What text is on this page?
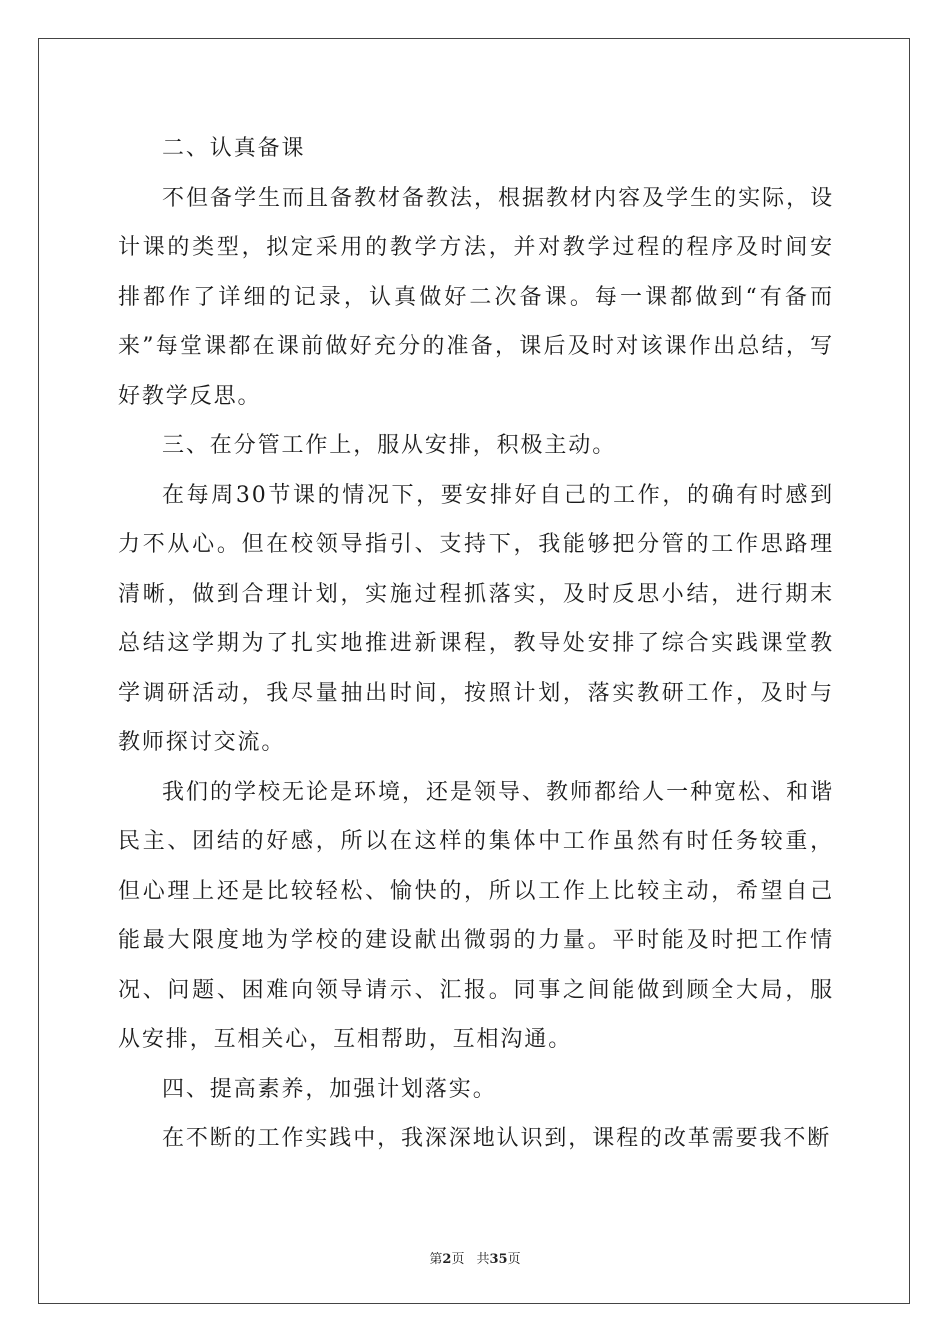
二、认真备课

不但备学生而且备教材备教法，根据教材内容及学生的实际，设计课的类型，拟定采用的教学方法，并对教学过程的程序及时间安排都作了详细的记录，认真做好二次备课。每一课都做到“有备而来”每堂课都在课前做好充分的准备，课后及时对该课作出总结，写好教学反思。

三、在分管工作上，服从安排，积极主动。

在每周30节课的情况下，要安排好自己的工作，的确有时感到力不从心。但在校领导指引、支持下，我能够把分管的工作思路理清晰，做到合理计划，实施过程抓落实，及时反思小结，进行期末总结这学期为了扎实地推进新课程，教导处安排了综合实践课堂教学调研活动，我尽量抽出时间，按照计划，落实教研工作，及时与教师探讨交流。

我们的学校无论是环境，还是领导、教师都给人一种宽松、和谐民主、团结的好感，所以在这样的集体中工作虽然有时任务较重，但心理上还是比较轻松、愉快的，所以工作上比较主动，希望自己能最大限度地为学校的建设献出微弱的力量。平时能及时把工作情况、问题、困难向领导请示、汇报。同事之间能做到顾全大局，服从安排，互相关心，互相帮助，互相沟通。

四、提高素养，加强计划落实。

在不断的工作实践中，我深深地认识到，课程的改革需要我不断

第2页 共35页
